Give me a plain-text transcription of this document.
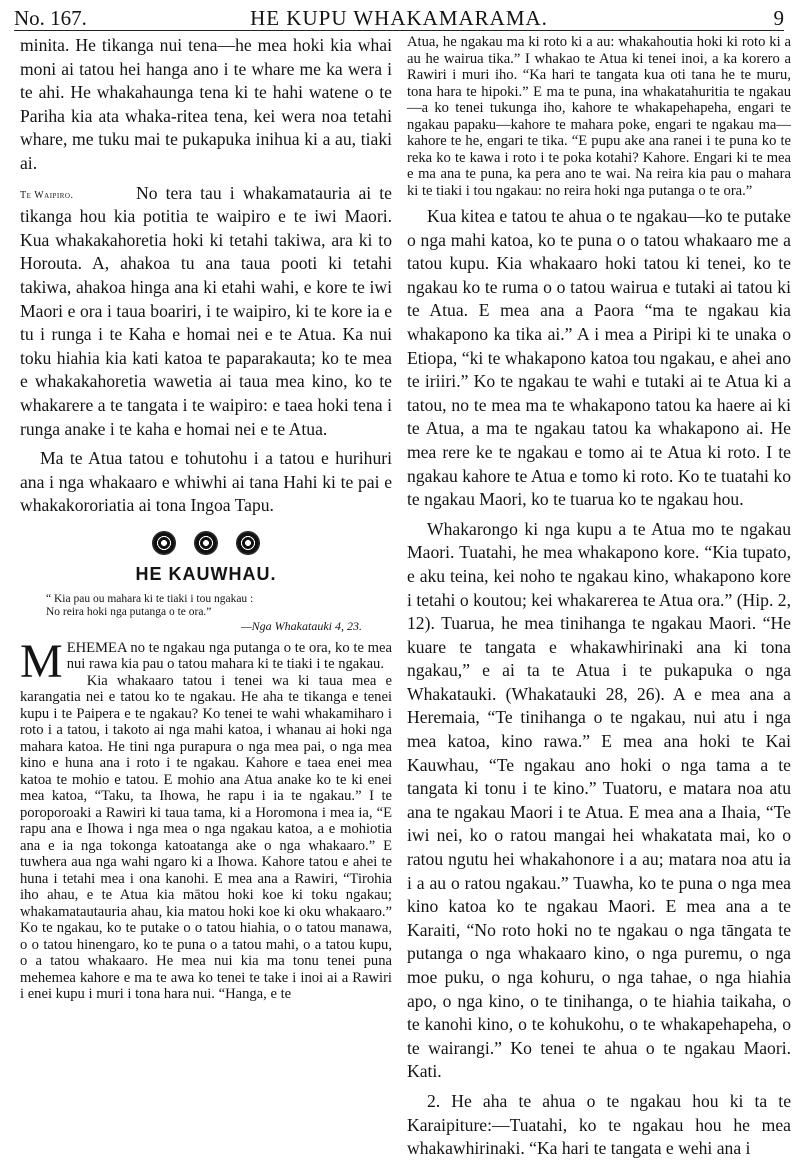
No. 167.	HE KUPU WHAKAMARAMA.	9

minita. He tikanga nui tena—he mea hoki kia whai moni ai tatou hei hanga ano i te whare me ka wera i te ahi. He whakahaunga tena ki te hahi watene o te Pariha kia ata whaka-ritea tena, kei wera noa tetahi whare, me tuku mai te pukapuka inihua ki a au, tiaki ai.

Te Waipiro.	No tera tau i whakamatauria ai te tikanga hou kia potitia te waipiro e te iwi Maori. Kua whakakahoretia hoki ki tetahi takiwa, ara ki to Horouta. A, ahakoa tu ana taua pooti ki tetahi takiwa, ahakoa hinga ana ki etahi wahi, e kore te iwi Maori e ora i taua boariri, i te waipiro, ki te kore ia e tu i runga i te Kaha e homai nei e te Atua. Ka nui toku hiahia kia kati katoa te paparakauta; ko te mea e whakakahoretia wawetia ai taua mea kino, ko te whakarere a te tangata i te waipiro: e taea hoki tena i runga anake i te kaha e homai nei e te Atua.

Ma te Atua tatou e tohutohu i a tatou e hurihuri ana i nga whakaaro e whiwhi ai tana Hahi ki te pai e whakakororiatia ai tona Ingoa Tapu.

HE KAUWHAU.
“ Kia pau ou mahara ki te tiaki i tou ngakau :
No reira hoki nga putanga o te ora.”
—Nga Whakatauki 4, 23.
M EHEMEA no te ngakau nga putanga o te ora, ko te mea nui rawa kia pau o tatou mahara ki te tiaki i te ngakau.

Kia whakaaro tatou i tenei wa ki taua mea e karangatia nei e tatou ko te ngakau. He aha te tikanga e tenei kupu i te Paipera e te ngakau? Ko tenei te wahi whakamiharo i roto i a tatou, i takoto ai nga mahi katoa, i whanau ai hoki nga mahara katoa. He tini nga purapura o nga mea pai, o nga mea kino e huna ana i roto i te ngakau. Kahore e taea enei mea katoa te mohio e tatou. E mohio ana Atua anake ko te ki enei mea katoa, “Taku, ta Ihowa, he rapu i ia te ngakau.” I te poroporoaki a Rawiri ki taua tama, ki a Horomona i mea ia, “E rapu ana e Ihowa i nga mea o nga ngakau katoa, a e mohiotia ana e ia nga tokonga katoatanga ake o nga whakaaro.” E tuwhera aua nga wahi ngaro ki a Ihowa. Kahore tatou e ahei te huna i tetahi mea i ona kanohi. E mea ana a Rawiri, “Tirohia iho ahau, e te Atua kia mātou hoki koe ki toku ngakau; whakamatautauria ahau, kia matou hoki koe ki oku whakaaro.” Ko te ngakau, ko te putake o o tatou hiahia, o o tatou manawa, o o tatou hinengaro, ko te puna o a tatou mahi, o a tatou kupu, o a tatou whakaaro. He mea nui kia ma tonu tenei puna mehemea kahore e ma te awa ko tenei te take i inoi ai a Rawiri i enei kupu i muri i tona hara nui. “Hanga, e te

Atua, he ngakau ma ki roto ki a au: whakahoutia hoki ki roto ki a au he wairua tika.” I whakao te Atua ki tenei inoi, a ka korero a Rawiri i muri iho. “Ka hari te tangata kua oti tana he te muru, tona hara te hipoki.” E ma te puna, ina whakatahuritia te ngakau—a ko tenei tukunga iho, kahore te whakapehapeha, engari te ngakau papaku—kahore te mahara poke, engari te ngakau ma—kahore te he, engari te tika. “E pupu ake ana ranei i te puna ko te reka ko te kawa i roto i te poka kotahi? Kahore. Engari ki te mea e ma ana te puna, ka pera ano te wai. Na reira kia pau o mahara ki te tiaki i tou ngakau: no reira hoki nga putanga o te ora.”

Kua kitea e tatou te ahua o te ngakau—ko te putake o nga mahi katoa, ko te puna o o tatou whakaaro me a tatou kupu. Kia whakaaro hoki tatou ki tenei, ko te ngakau ko te ruma o o tatou wairua e tutaki ai tatou ki te Atua. E mea ana a Paora “ma te ngakau kia whakapono ka tika ai.” A i mea a Piripi ki te unaka o Etiopa, “ki te whakapono katoa tou ngakau, e ahei ano te iriiri.” Ko te ngakau te wahi e tutaki ai te Atua ki a tatou, no te mea ma te whakapono tatou ka haere ai ki te Atua, a ma te ngakau tatou ka whakapono ai. He mea rere ke te ngakau e tomo ai te Atua ki roto. I te ngakau kahore te Atua e tomo ki roto. Ko te tuatahi ko te ngakau Maori, ko te tuarua ko te ngakau hou.

Whakarongo ki nga kupu a te Atua mo te ngakau Maori. Tuatahi, he mea whakapono kore. “Kia tupato, e aku teina, kei noho te ngakau kino, whakapono kore i tetahi o koutou; kei whakarerea te Atua ora.” (Hip. 2, 12). Tuarua, he mea tinihanga te ngakau Maori. “He kuare te tangata e whakawhirinaki ana ki tona ngakau,” e ai ta te Atua i te pukapuka o nga Whakatauki. (Whakatauki 28, 26). A e mea ana a Heremaia, “Te tinihanga o te ngakau, nui atu i nga mea katoa, kino rawa.” E mea ana hoki te Kai Kauwhau, “Te ngakau ano hoki o nga tama a te tangata ki tonu i te kino.” Tuatoru, e matara noa atu ana te ngakau Maori i te Atua. E mea ana a Ihaia, “Te iwi nei, ko o ratou mangai hei whakatata mai, ko o ratou ngutu hei whakahonore i a au; matara noa atu ia i a au o ratou ngakau.” Tuawha, ko te puna o nga mea kino katoa ko te ngakau Maori. E mea ana a te Karaiti, “No roto hoki no te ngakau o nga tāngata te putanga o nga whakaaro kino, o nga puremu, o nga moe puku, o nga kohuru, o nga tahae, o nga hiahia apo, o nga kino, o te tinihanga, o te hiahia taikaha, o te kanohi kino, o te kohukohu, o te whakapehapeha, o te wairangi.” Ko tenei te ahua o te ngakau Maori. Kati.

2. He aha te ahua o te ngakau hou ki ta te Karaipiture:—Tuatahi, ko te ngakau hou he mea whakawhirinaki. “Ka hari te tangata e wehi ana i
